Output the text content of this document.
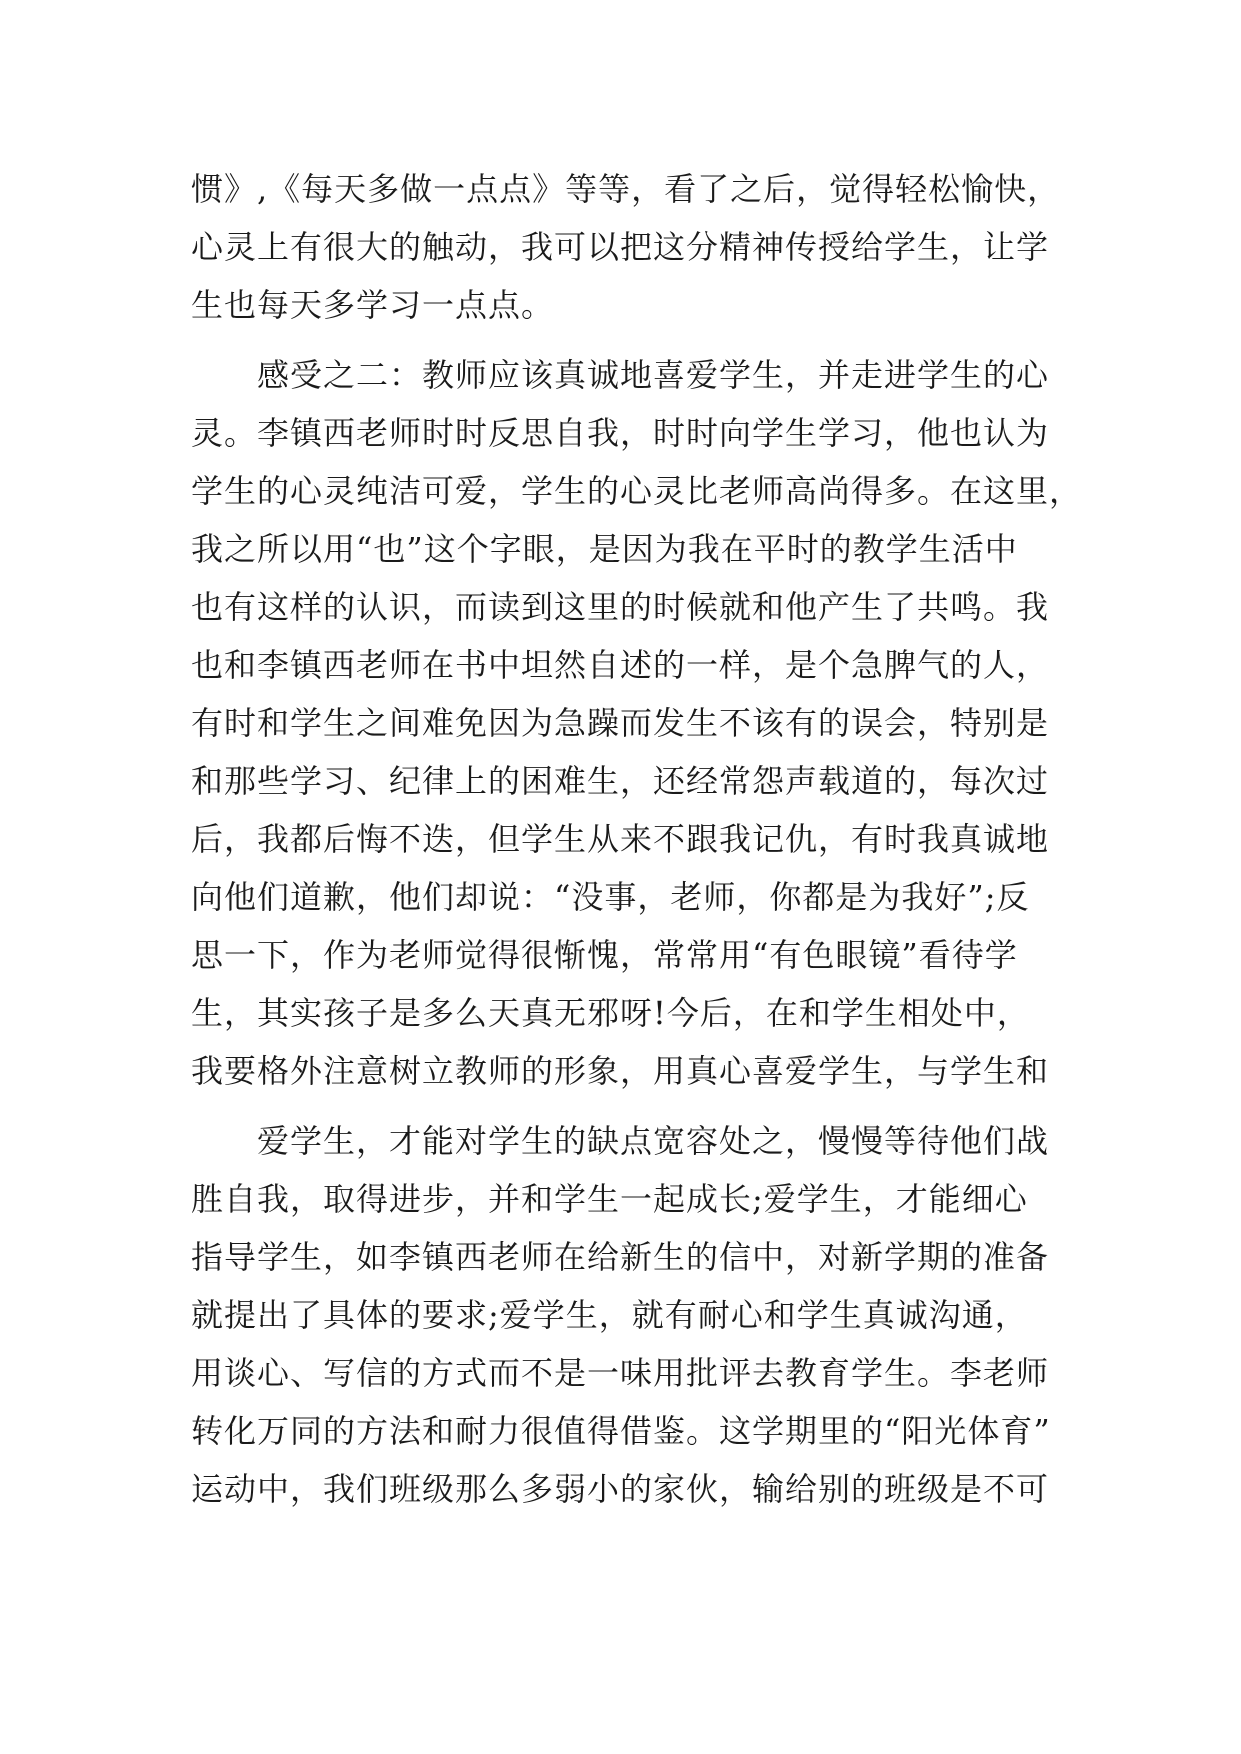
惯》,《每天多做一点点》等等，看了之后，觉得轻松愉快，
心灵上有很大的触动，我可以把这分精神传授给学生，让学
生也每天多学习一点点。
　　感受之二：教师应该真诚地喜爱学生，并走进学生的心
灵。李镇西老师时时反思自我，时时向学生学习，他也认为
学生的心灵纯洁可爱，学生的心灵比老师高尚得多。在这里，
我之所以用“也”这个字眼，是因为我在平时的教学生活中
也有这样的认识，而读到这里的时候就和他产生了共鸣。我
也和李镇西老师在书中坦然自述的一样，是个急脾气的人，
有时和学生之间难免因为急躁而发生不该有的误会，特别是
和那些学习、纪律上的困难生，还经常怨声载道的，每次过
后，我都后悔不迭，但学生从来不跟我记仇，有时我真诚地
向他们道歉，他们却说：“没事，老师，你都是为我好”;反
思一下，作为老师觉得很惭愧，常常用“有色眼镜”看待学
生，其实孩子是多么天真无邪呀!今后，在和学生相处中，
我要格外注意树立教师的形象，用真心喜爱学生，与学生和
　　爱学生，才能对学生的缺点宽容处之，慢慢等待他们战
胜自我，取得进步，并和学生一起成长;爱学生，才能细心
指导学生，如李镇西老师在给新生的信中，对新学期的准备
就提出了具体的要求;爱学生，就有耐心和学生真诚沟通，
用谈心、写信的方式而不是一味用批评去教育学生。李老师
转化万同的方法和耐力很值得借鉴。这学期里的“阳光体育”
运动中，我们班级那么多弱小的家伙，输给别的班级是不可
